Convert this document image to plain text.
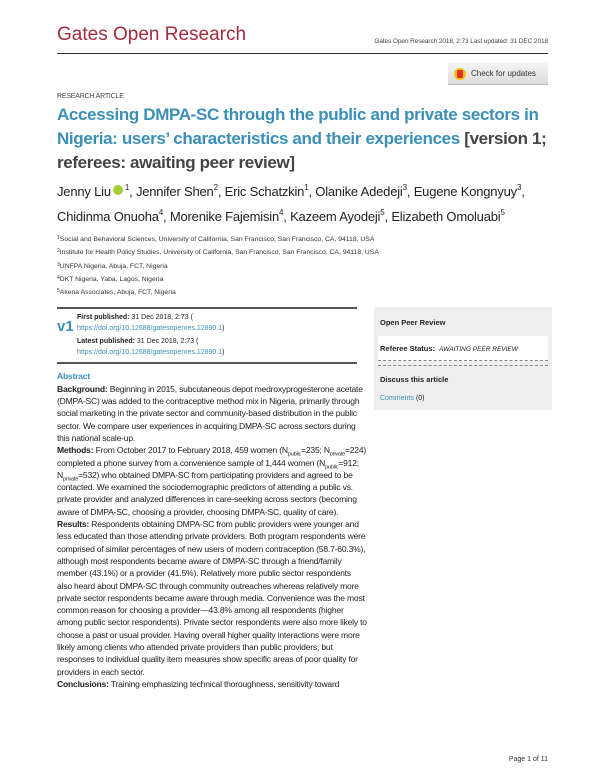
Gates Open Research	Gates Open Research 2018, 2:73 Last updated: 31 DEC 2018
Check for updates
RESEARCH ARTICLE
Accessing DMPA-SC through the public and private sectors in Nigeria: users’ characteristics and their experiences [version 1; referees: awaiting peer review]
Jenny Liu $^1$, Jennifer Shen$^2$, Eric Schatzkin$^1$, Olanike Adedeji$^3$, Eugene Kongnyuy$^3$,
Chidinma Onuoha$^4$, Morenike Fajemisin$^4$, Kazeem Ayodeji$^5$, Elizabeth Omoluabi$^5$
$^1$Social and Behavioral Sciences, University of California, San Francisco, San Francisco, CA, 94118, USA
$^2$Institute for Health Policy Studies, University of California, San Francisco, San Francisco, CA, 94118, USA
$^3$UNFPA Nigeria, Abuja, FCT, Nigeria
$^4$DKT Nigeria, Yaba, Lagos, Nigeria
$^5$Akena Associates, Abuja, FCT, Nigeria
v1
First published: 31 Dec 2018, 2:73 (
https://doi.org/10.12688/gatesopenres.12890.1)
Latest published: 31 Dec 2018, 2:73 (
https://doi.org/10.12688/gatesopenres.12890.1)
Abstract

Background: Beginning in 2015, subcutaneous depot medroxyprogesterone acetate (DMPA-SC) was added to the contraceptive method mix in Nigeria, primarily through social marketing in the private sector and community-based distribution in the public sector. We compare user experiences in acquiring DMPA-SC across sectors during this national scale-up.

Methods: From October 2017 to February 2018, 459 women ($N_{public}=235$; $N_{private}=224$) completed a phone survey from a convenience sample of 1,444 women ($N_{public}=912$; $N_{private}=532$) who obtained DMPA-SC from participating providers and agreed to be contacted. We examined the sociodemographic predictors of attending a public vs. private provider and analyzed differences in care-seeking across sectors (becoming aware of DMPA-SC, choosing a provider, choosing DMPA-SC, quality of care).

Results: Respondents obtaining DMPA-SC from public providers were younger and less educated than those attending private providers. Both program respondents were comprised of similar percentages of new users of modern contraception (58.7-60.3%), although most respondents became aware of DMPA-SC through a friend/family member (43.1%) or a provider (41.5%). Relatively more public sector respondents also heard about DMPA-SC through community outreaches whereas relatively more private sector respondents became aware through media. Convenience was the most common reason for choosing a provider—43.8% among all respondents (higher among public sector respondents). Private sector respondents were also more likely to choose a past or usual provider. Having overall higher quality interactions were more likely among clients who attended private providers than public providers, but responses to individual quality item measures show specific areas of poor quality for providers in each sector.

Conclusions: Training emphasizing technical thoroughness, sensitivity toward

Open Peer Review
Referee Status: AWAITING PEER REVIEW
Discuss this article
Comments (0)
Page 1 of 11
